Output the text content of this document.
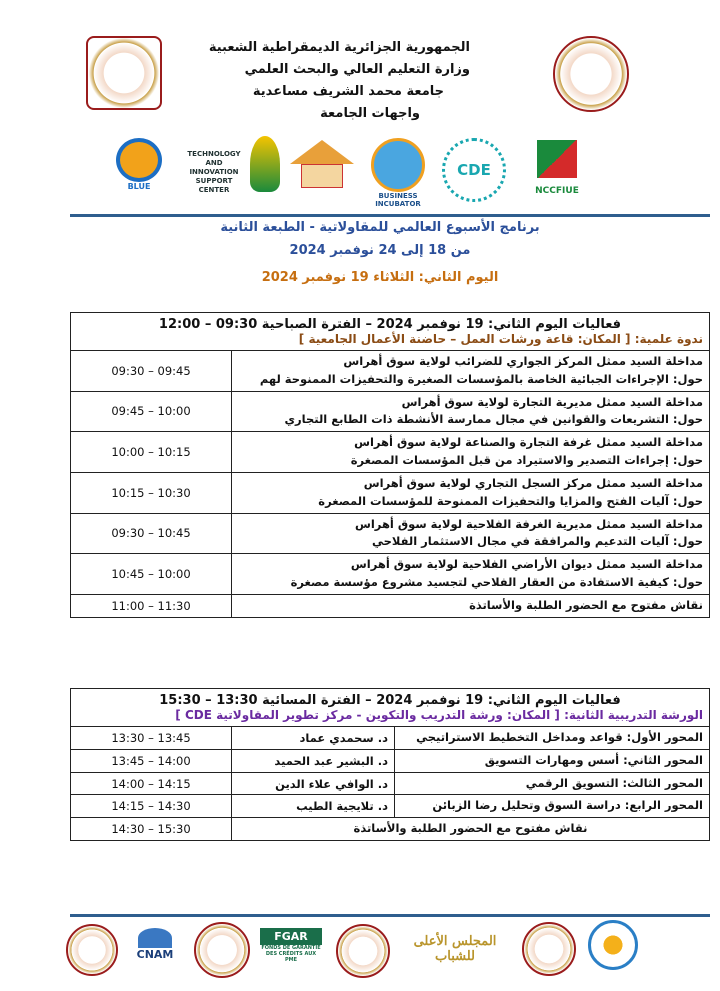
الجمهورية الجزائرية الديمقراطية الشعبية
وزارة التعليم العالي والبحث العلمي
جامعة محمد الشريف مساعدية
واجهات الجامعة
BLUE
TECHNOLOGY AND INNOVATION SUPPORT CENTER
BUSINESS INCUBATOR
CDE
NCCFIUE
برنامج الأسبوع العالمي للمقاولاتية - الطبعة الثانية
من 18 إلى 24 نوفمبر 2024
اليوم الثاني: الثلاثاء 19 نوفمبر 2024
فعاليات اليوم الثاني: 19 نوفمبر 2024 – الفترة الصباحية 09:30 – 12:00
ندوة علمية: [ المكان: قاعة ورشات العمل – حاضنة الأعمال الجامعية ]	

مداخلة السيد ممثل المركز الجواري للضرائب لولاية سوق أهراس
حول: الإجراءات الجبائية الخاصة بالمؤسسات الصغيرة والتحفيزات الممنوحة لهم	09:30 – 09:45

مداخلة السيد ممثل مديرية التجارة لولاية سوق أهراس
حول: التشريعات والقوانين في مجال ممارسة الأنشطة ذات الطابع التجاري	09:45 – 10:00

مداخلة السيد ممثل غرفة التجارة والصناعة لولاية سوق أهراس
حول: إجراءات التصدير والاستيراد من قبل المؤسسات المصغرة	10:00 – 10:15

مداخلة السيد ممثل مركز السجل التجاري لولاية سوق أهراس
حول: آليات الفتح والمزايا والتحفيزات الممنوحة للمؤسسات المصغرة	10:15 – 10:30

مداخلة السيد ممثل مديرية الغرفة الفلاحية لولاية سوق أهراس
حول: آليات التدعيم والمرافقة في مجال الاستثمار الفلاحي	09:30 – 10:45

مداخلة السيد ممثل ديوان الأراضي الفلاحية لولاية سوق أهراس
حول: كيفية الاستفادة من العقار الفلاحي لتجسيد مشروع مؤسسة مصغرة	10:45 – 10:00

نقاش مفتوح مع الحضور الطلبة والأساتذة	11:00 – 11:30
فعاليات اليوم الثاني: 19 نوفمبر 2024 – الفترة المسائية 13:30 – 15:30
الورشة التدريبية الثانية: [ المكان: ورشة التدريب والتكوين - مركز تطوير المقاولاتية CDE ]		

المحور الأول: قواعد ومداخل التخطيط الاستراتيجي	د. سحمدي عماد	13:30 – 13:45
المحور الثاني: أسس ومهارات التسويق	د. البشير عبد الحميد	13:45 – 14:00
المحور الثالث: التسويق الرقمي	د. الوافي علاء الدين	14:00 – 14:15
المحور الرابع: دراسة السوق وتحليل رضا الزبائن	د. تلايجية الطيب	14:15 – 14:30
نقاش مفتوح مع الحضور الطلبة والأساتذة		14:30 – 15:30
CNAM
FGAR
FONDS DE GARANTIE DES CRÉDITS AUX PME
المجلس الأعلى للشباب
